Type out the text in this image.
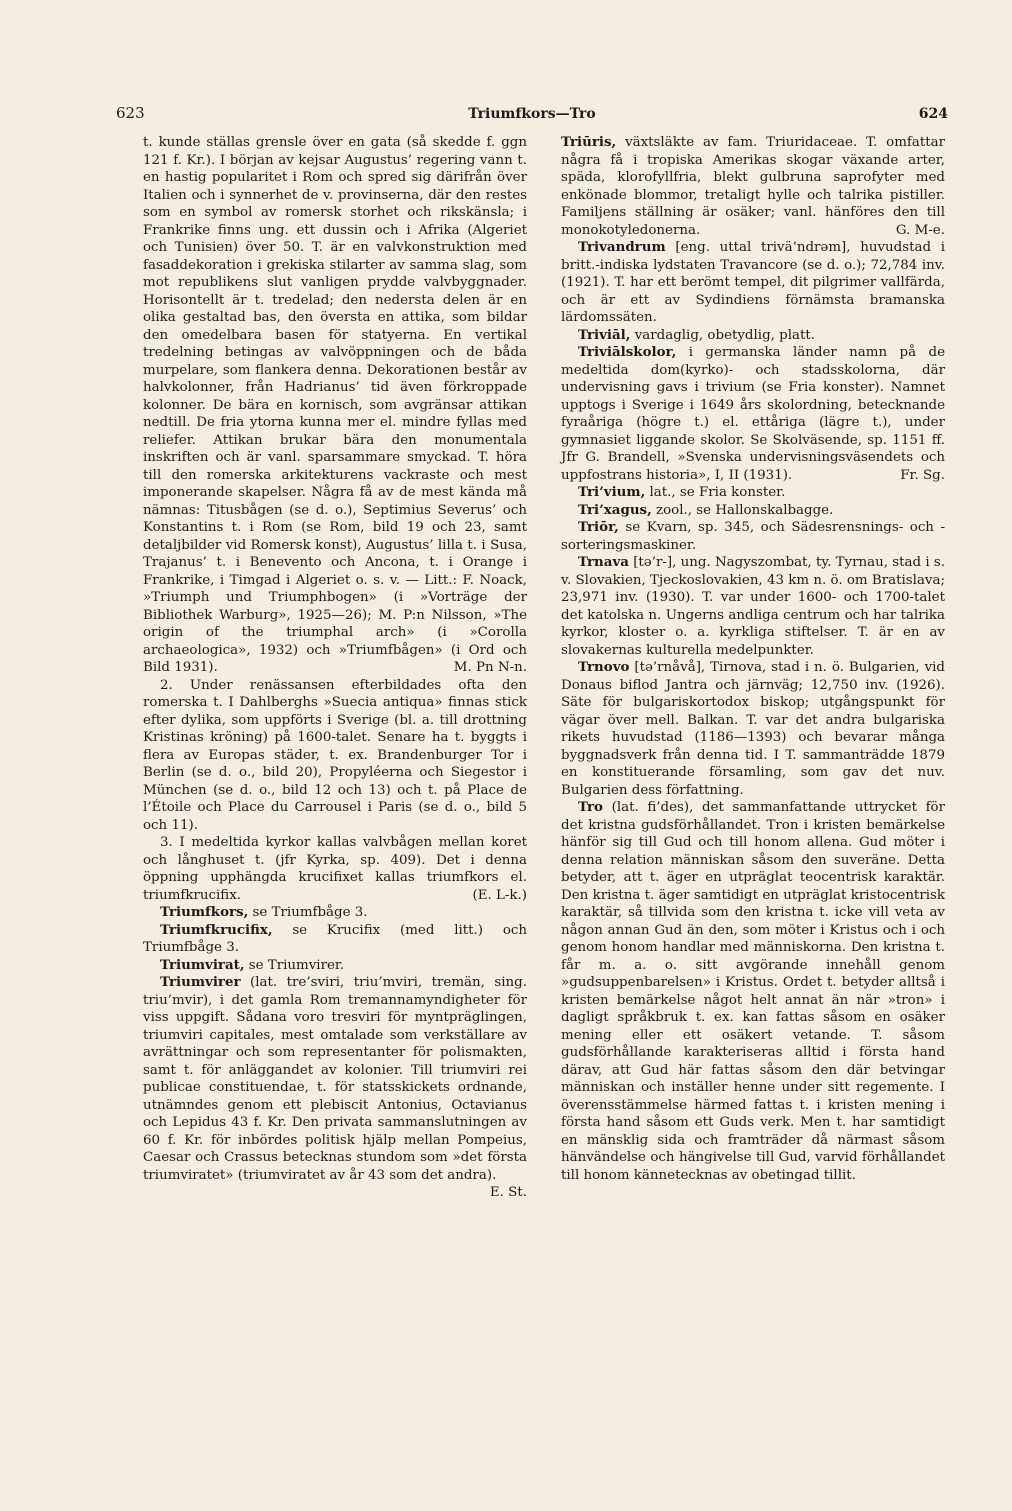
623	Triumfkors—Tro	624

t. kunde ställas grensle över en gata (så skedde f. ggn 121 f. Kr.). I början av kejsar Augustus’ regering vann t. en hastig popularitet i Rom och spred sig därifrån över Italien och i synnerhet de v. provinserna, där den restes som en symbol av romersk storhet och rikskänsla; i Frankrike finns ung. ett dussin och i Afrika (Algeriet och Tunisien) över 50. T. är en valvkonstruktion med fasaddekoration i grekiska stilarter av samma slag, som mot republikens slut vanligen prydde valvbyggnader. Horisontellt är t. tredelad; den nedersta delen är en olika gestaltad bas, den översta en attika, som bildar den omedelbara basen för statyerna. En vertikal tredelning betingas av valvöppningen och de båda murpelare, som flankera denna. Dekorationen består av halvkolonner, från Hadrianus’ tid även förkroppade kolonner. De bära en kornisch, som avgränsar attikan nedtill. De fria ytorna kunna mer el. mindre fyllas med reliefer. Attikan brukar bära den monumentala inskriften och är vanl. sparsammare smyckad. T. höra till den romerska arkitekturens vackraste och mest imponerande skapelser. Några få av de mest kända må nämnas: Titusbågen (se d. o.), Septimius Severus’ och Konstantins t. i Rom (se Rom, bild 19 och 23, samt detaljbilder vid Romersk konst), Augustus’ lilla t. i Susa, Trajanus’ t. i Benevento och Ancona, t. i Orange i Frankrike, i Timgad i Algeriet o. s. v. — Litt.: F. Noack, »Triumph und Triumphbogen» (i »Vorträge der Bibliothek Warburg», 1925—26); M. P:n Nilsson, »The origin of the triumphal arch» (i »Corolla archaeologica», 1932) och »Triumfbågen» (i Ord och Bild 1931).	M. Pn N-n.

2. Under renässansen efterbildades ofta den romerska t. I Dahlberghs »Suecia antiqua» finnas stick efter dylika, som uppförts i Sverige (bl. a. till drottning Kristinas kröning) på 1600-talet. Senare ha t. byggts i flera av Europas städer, t. ex. Brandenburger Tor i Berlin (se d. o., bild 20), Propyléerna och Siegestor i München (se d. o., bild 12 och 13) och t. på Place de l’Étoile och Place du Carrousel i Paris (se d. o., bild 5 och 11).

3. I medeltida kyrkor kallas valvbågen mellan koret och långhuset t. (jfr Kyrka, sp. 409). Det i denna öppning upphängda krucifixet kallas triumfkors el. triumfkrucifix.	(E. L-k.)

Triumfkors, se Triumfbåge 3.

Triumfkrucifix, se Krucifix (med litt.) och Triumfbåge 3.

Triumvirat, se Triumvirer.

Triumvirer (lat. tre’sviri, triu’mviri, tremän, sing. triu’mvir), i det gamla Rom tremannamyndigheter för viss uppgift. Sådana voro tresviri för myntpräglingen, triumviri capitales, mest omtalade som verkställare av avrättningar och som representanter för polismakten, samt t. för anläggandet av kolonier. Till triumviri rei publicae constituendae, t. för statsskickets ordnande, utnämndes genom ett plebiscit Antonius, Octavianus och Lepidus 43 f. Kr. Den privata sammanslutningen av 60 f. Kr. för inbördes politisk hjälp mellan Pompeius, Caesar och Crassus betecknas stundom som »det första triumviratet» (triumviratet av år 43 som det andra).
E. St.

Triūris, växtsläkte av fam. Triuridaceae. T. omfattar några få i tropiska Amerikas skogar växande arter, späda, klorofyllfria, blekt gulbruna saprofyter med enkönade blommor, tretaligt hylle och talrika pistiller. Familjens ställning är osäker; vanl. hänföres den till monokotyledonerna.	G. M-e.

Trivandrum [eng. uttal trivä’ndrəm], huvudstad i britt.-indiska lydstaten Travancore (se d. o.); 72,784 inv. (1921). T. har ett berömt tempel, dit pilgrimer vallfärda, och är ett av Sydindiens förnämsta bramanska lärdomssäten.

Triviāl, vardaglig, obetydlig, platt.

Triviālskolor, i germanska länder namn på de medeltida dom(kyrko)- och stadsskolorna, där undervisning gavs i trivium (se Fria konster). Namnet upptogs i Sverige i 1649 års skolordning, betecknande fyraåriga (högre t.) el. ettåriga (lägre t.), under gymnasiet liggande skolor. Se Skolväsende, sp. 1151 ff. Jfr G. Brandell, »Svenska undervisningsväsendets och uppfostrans historia», I, II (1931).	Fr. Sg.

Tri’vium, lat., se Fria konster.

Tri’xagus, zool., se Hallonskalbagge.

Triōr, se Kvarn, sp. 345, och Sädesrensnings- och -sorteringsmaskiner.

Trnava [tə’r-], ung. Nagyszombat, ty. Tyrnau, stad i s. v. Slovakien, Tjeckoslovakien, 43 km n. ö. om Bratislava; 23,971 inv. (1930). T. var under 1600- och 1700-talet det katolska n. Ungerns andliga centrum och har talrika kyrkor, kloster o. a. kyrkliga stiftelser. T. är en av slovakernas kulturella medelpunkter.

Trnovo [tə’rnåvå], Tirnova, stad i n. ö. Bulgarien, vid Donaus biflod Jantra och järnväg; 12,750 inv. (1926). Säte för bulgariskortodox biskop; utgångspunkt för vägar över mell. Balkan. T. var det andra bulgariska rikets huvudstad (1186—1393) och bevarar många byggnadsverk från denna tid. I T. sammanträdde 1879 en konstituerande församling, som gav det nuv. Bulgarien dess författning.

Tro (lat. fi’des), det sammanfattande uttrycket för det kristna gudsförhållandet. Tron i kristen bemärkelse hänför sig till Gud och till honom allena. Gud möter i denna relation människan såsom den suveräne. Detta betyder, att t. äger en utpräglat teocentrisk karaktär. Den kristna t. äger samtidigt en utpräglat kristocentrisk karaktär, så tillvida som den kristna t. icke vill veta av någon annan Gud än den, som möter i Kristus och i och genom honom handlar med människorna. Den kristna t. får m. a. o. sitt avgörande innehåll genom »gudsuppenbarelsen» i Kristus. Ordet t. betyder alltså i kristen bemärkelse något helt annat än när »tron» i dagligt språkbruk t. ex. kan fattas såsom en osäker mening eller ett osäkert vetande. T. såsom gudsförhållande karakteriseras alltid i första hand därav, att Gud här fattas såsom den där betvingar människan och inställer henne under sitt regemente. I överensstämmelse härmed fattas t. i kristen mening i första hand såsom ett Guds verk. Men t. har samtidigt en mänsklig sida och framträder då närmast såsom hänvändelse och hängivelse till Gud, varvid förhållandet till honom kännetecknas av obetingad tillit.
